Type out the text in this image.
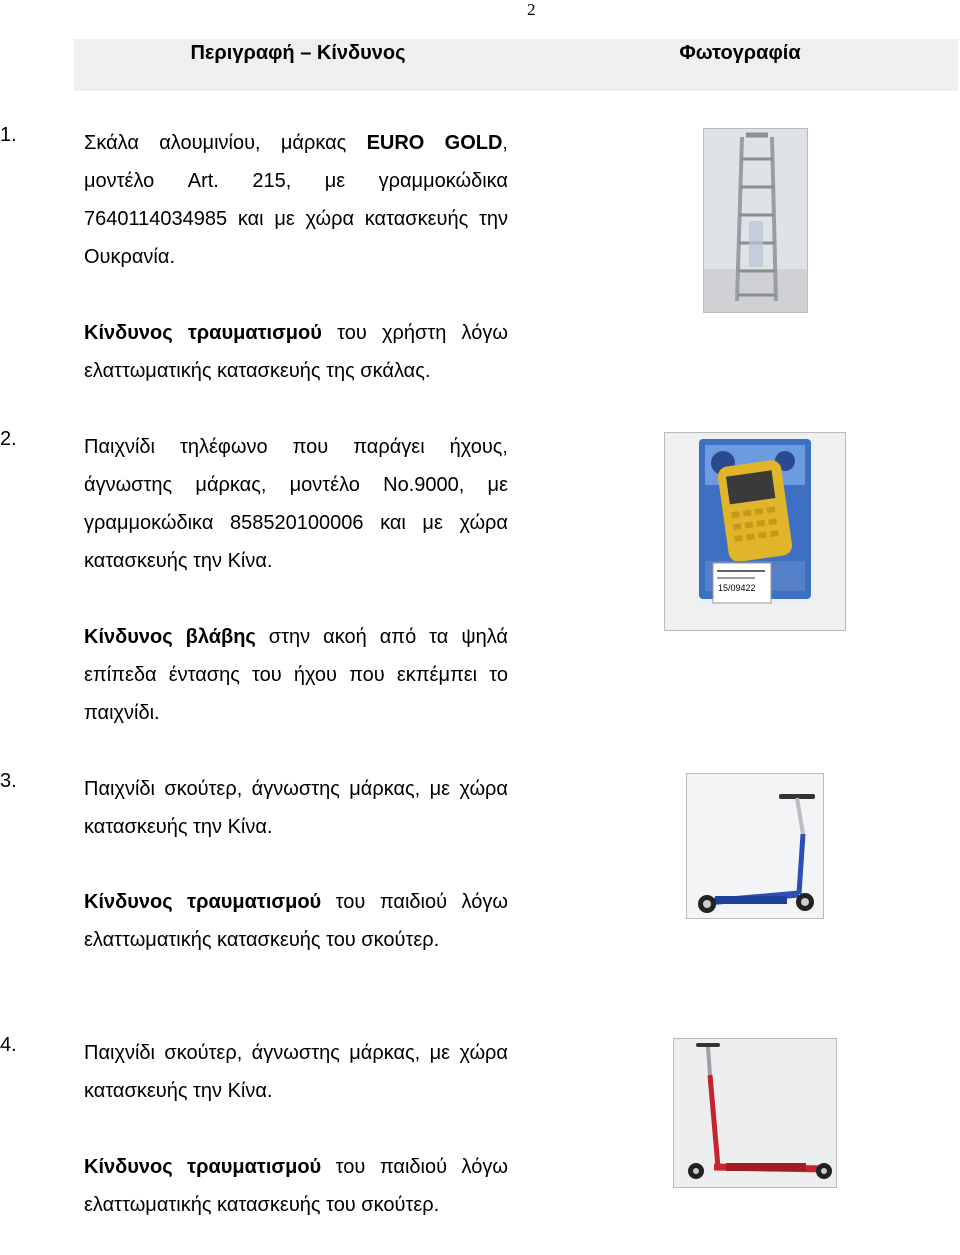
2
Περιγραφή – Κίνδυνος	Φωτογραφία
1.	Σκάλα αλουμινίου, μάρκας EURO GOLD, μοντέλο Art. 215, με γραμμοκώδικα 7640114034985 και με χώρα κατασκευής την Ουκρανία.
Κίνδυνος τραυματισμού του χρήστη λόγω ελαττωματικής κατασκευής της σκάλας.
2.	Παιχνίδι τηλέφωνο που παράγει ήχους, άγνωστης μάρκας, μοντέλο No.9000, με γραμμοκώδικα 858520100006 και με χώρα κατασκευής την Κίνα.
Κίνδυνος βλάβης στην ακοή από τα ψηλά επίπεδα έντασης του ήχου που εκπέμπει το παιχνίδι.
15/09422
3.	Παιχνίδι σκούτερ, άγνωστης μάρκας, με χώρα κατασκευής την Κίνα.
Κίνδυνος τραυματισμού του παιδιού λόγω ελαττωματικής κατασκευής του σκούτερ.
4.	Παιχνίδι σκούτερ, άγνωστης μάρκας, με χώρα κατασκευής την Κίνα.
Κίνδυνος τραυματισμού του παιδιού λόγω ελαττωματικής κατασκευής του σκούτερ.
